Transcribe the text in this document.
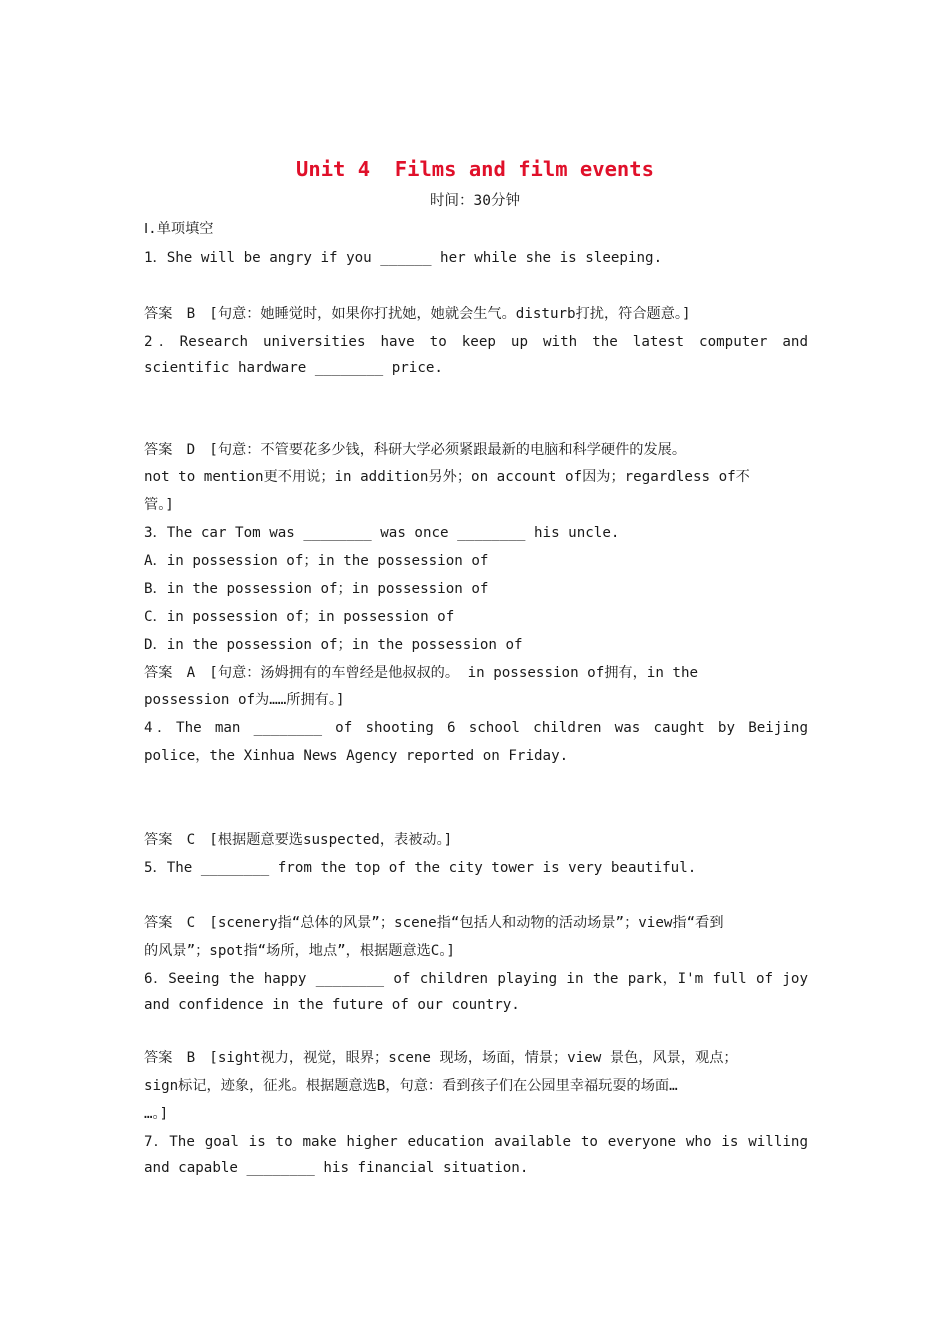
Unit 4  Films and film events
时间：30分钟
Ⅰ.单项填空
1．She will be angry if you ______ her while she is sleeping.
答案　B　[句意：她睡觉时，如果你打扰她，她就会生气。disturb打扰，符合题意。]
2．Research universities have to keep up with the latest computer and
scientific hardware ________ price.
答案　D　[句意：不管要花多少钱，科研大学必须紧跟最新的电脑和科学硬件的发展。
not to mention更不用说；in addition另外；on account of因为；regardless of不
管。]
3．The car Tom was ________ was once ________ his uncle.
A．in possession of；in the possession of
B．in the possession of；in possession of
C．in possession of；in possession of
D．in the possession of；in the possession of
答案　A　[句意：汤姆拥有的车曾经是他叔叔的。 in possession of拥有，in the
possession of为……所拥有。]
4．The man ________ of shooting 6 school children was caught by Beijing
police，the Xinhua News Agency reported on Friday.
答案　C　[根据题意要选suspected，表被动。]
5．The ________ from the top of the city tower is very beautiful.
答案　C　[scenery指“总体的风景”；scene指“包括人和动物的活动场景”；view指“看到
的风景”；spot指“场所，地点”，根据题意选C。]
6．Seeing the happy ________ of children playing in the park，I'm full of joy
and confidence in the future of our country.
答案　B　[sight视力，视觉，眼界；scene 现场，场面，情景；view 景色，风景，观点；
sign标记，迹象，征兆。根据题意选B，句意：看到孩子们在公园里幸福玩耍的场面…
…。]
7．The goal is to make higher education available to everyone who is willing
and capable ________ his financial situation.
